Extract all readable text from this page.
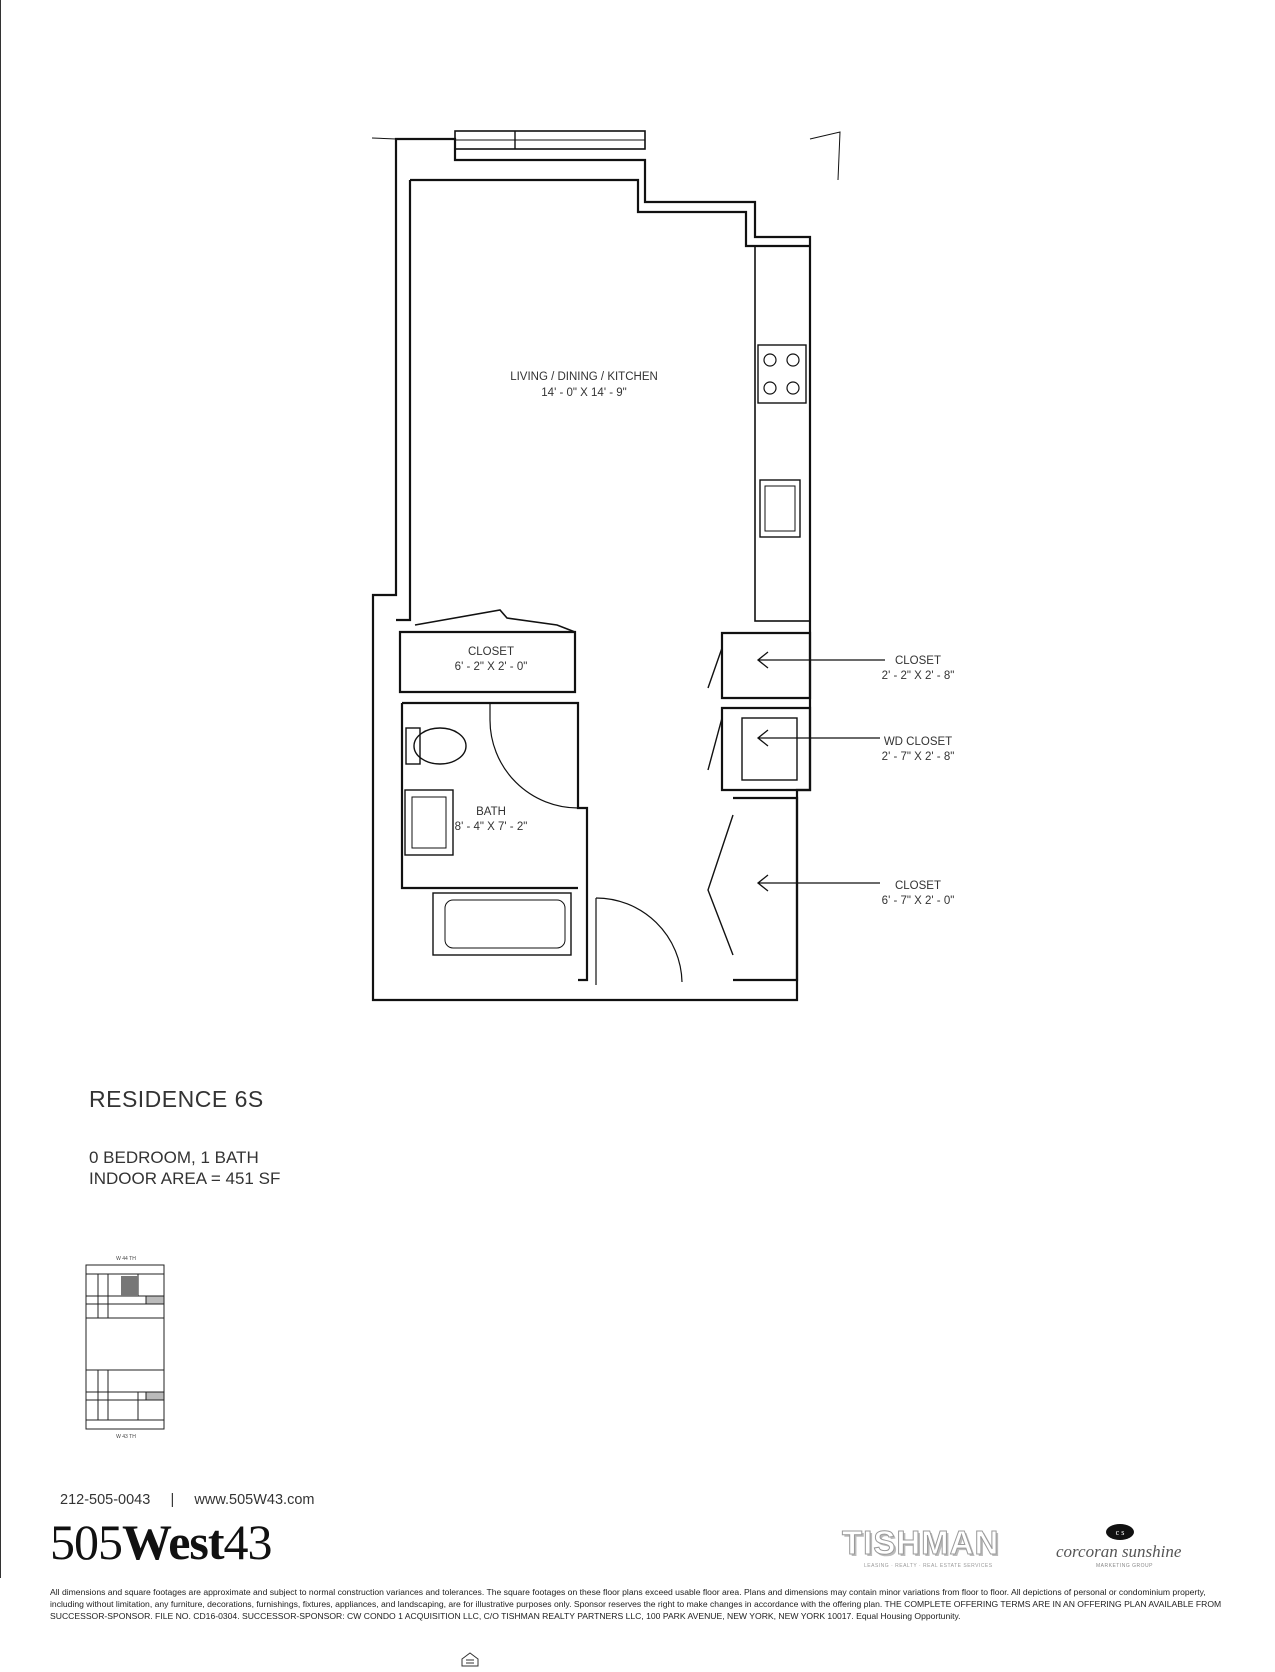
LIVING / DINING / KITCHEN
14' - 0" X 14' - 9"
CLOSET
6' - 2" X 2' - 0"
BATH
8' - 4" X 7' - 2"
CLOSET
2' - 2" X 2' - 8"
WD CLOSET
2' - 7" X 2' - 8"
CLOSET
6' - 7" X 2' - 0"
W 44 TH
W 43 TH
c s
RESIDENCE 6S
0 BEDROOM, 1 BATH
INDOOR AREA = 451 SF
212-505-0043 | www.505W43.com
505West43	TISHMAN
LEASING · REALTY · REAL ESTATE SERVICES
corcoran sunshine
MARKETING GROUP
All dimensions and square footages are approximate and subject to normal construction variances and tolerances. The square footages on these floor plans exceed usable floor area. Plans and dimensions may contain minor variations from floor to floor. All depictions of personal or condominium property, including without limitation, any furniture, decorations, furnishings, fixtures, appliances, and landscaping, are for illustrative purposes only. Sponsor reserves the right to make changes in accordance with the offering plan. THE COMPLETE OFFERING TERMS ARE IN AN OFFERING PLAN AVAILABLE FROM SUCCESSOR-SPONSOR. FILE NO. CD16-0304. SUCCESSOR-SPONSOR: CW CONDO 1 ACQUISITION LLC, C/O TISHMAN REALTY PARTNERS LLC, 100 PARK AVENUE, NEW YORK, NEW YORK 10017. Equal Housing Opportunity.
